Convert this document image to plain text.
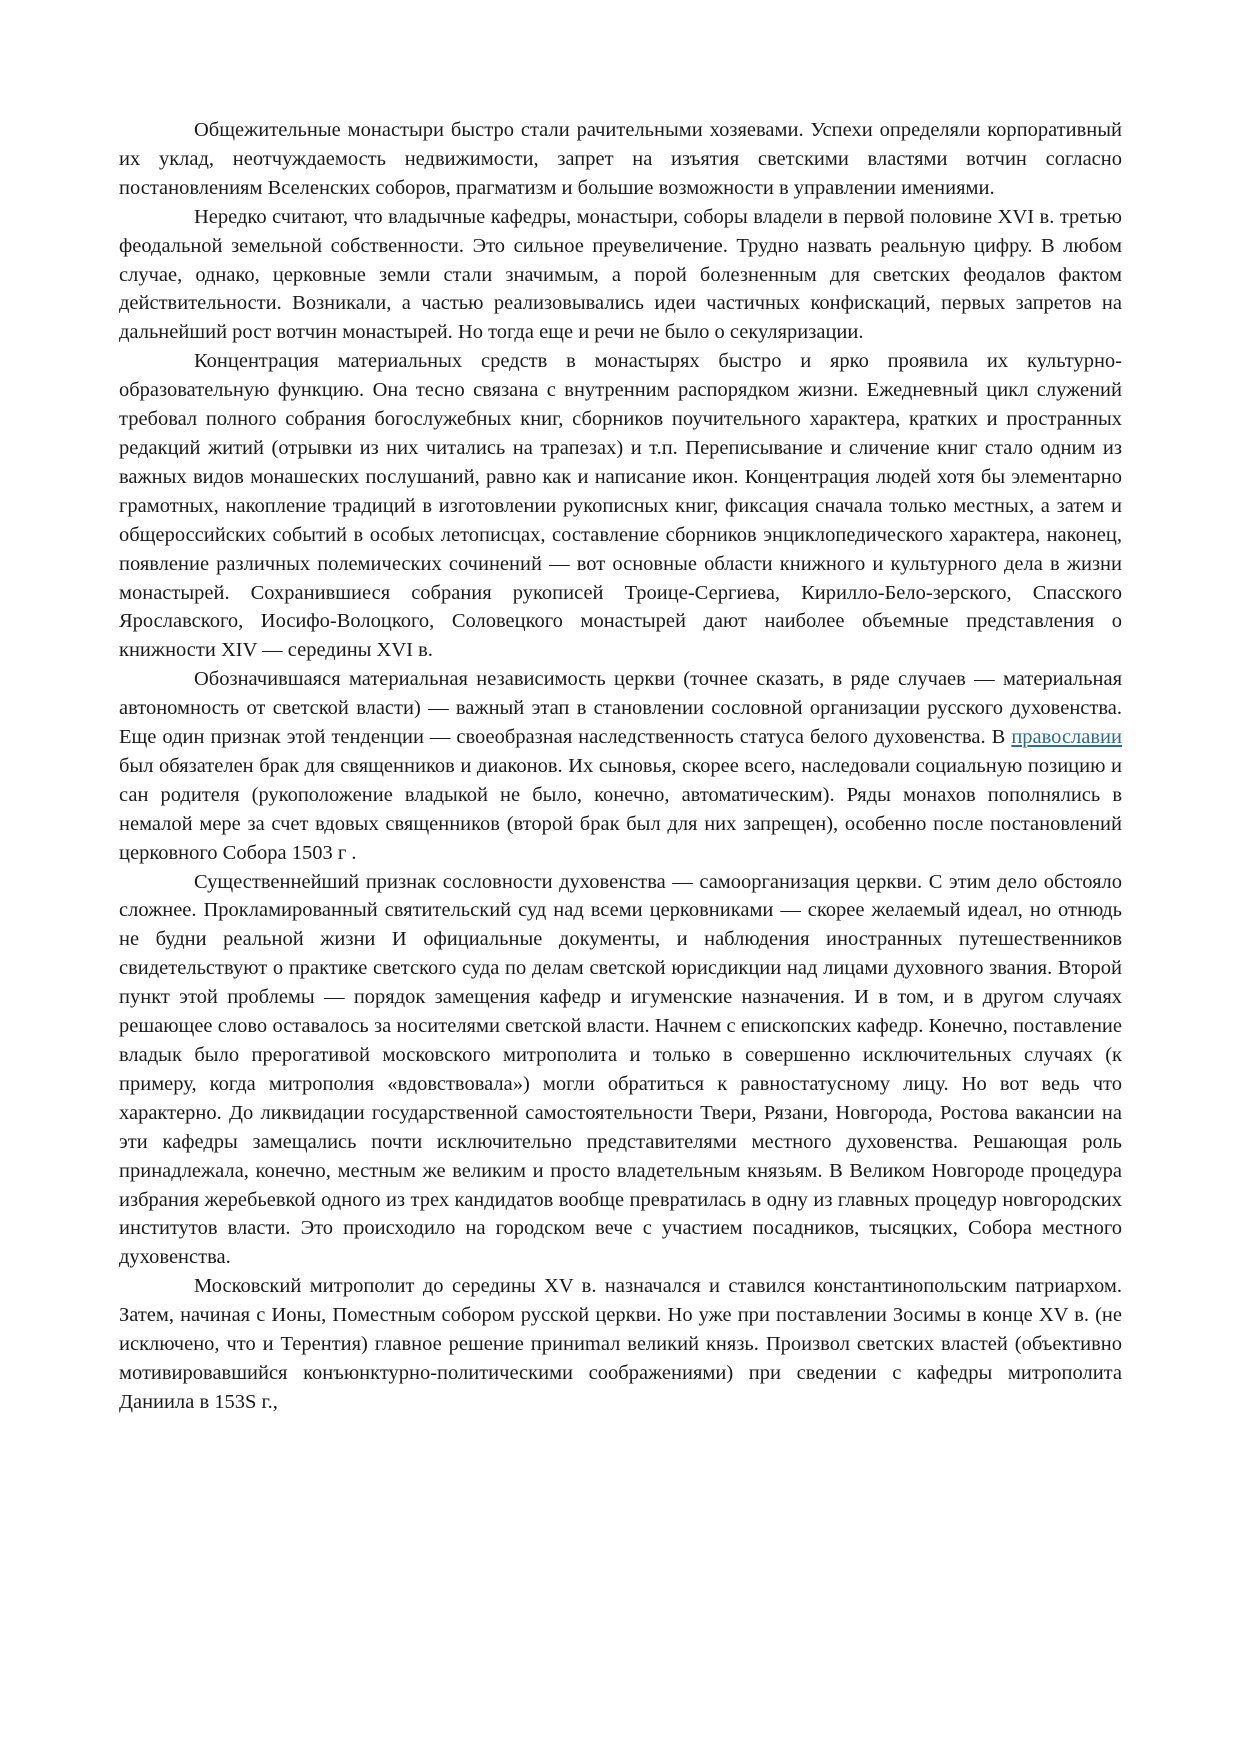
Общежительные монастыри быстро стали рачительными хозяевами. Успехи определяли корпоративный их уклад, неотчуждаемость недвижимости, запрет на изъятия светскими властями вотчин согласно постановлениям Вселенских соборов, прагматизм и большие возможности в управлении имениями.

Нередко считают, что владычные кафедры, монастыри, соборы владели в первой половине XVI в. третью феодальной земельной собственности. Это сильное преувеличение. Трудно назвать реальную цифру. В любом случае, однако, церковные земли стали значимым, а порой болезненным для светских феодалов фактом действительности. Возникали, а частью реализовывались идеи частичных конфискаций, первых запретов на дальнейший рост вотчин монастырей. Но тогда еще и речи не было о секуляризации.

Концентрация материальных средств в монастырях быстро и ярко проявила их культурно-образовательную функцию. Она тесно связана с внутренним распорядком жизни. Ежедневный цикл служений требовал полного собрания богослужебных книг, сборников поучительного характера, кратких и пространных редакций житий (отрывки из них читались на трапезах) и т.п. Переписывание и сличение книг стало одним из важных видов монашеских послушаний, равно как и написание икон. Концентрация людей хотя бы элементарно грамотных, накопление традиций в изготовлении рукописных книг, фиксация сначала только местных, а затем и общероссийских событий в особых летописцах, составление сборников энциклопедического характера, наконец, появление различных полемических сочинений — вот основные области книжного и культурного дела в жизни монастырей. Сохранившиеся собрания рукописей Троице-Сергиева, Кирилло-Бело-зерского, Спасского Ярославского, Иосифо-Волоцкого, Соловецкого монастырей дают наиболее объемные представления о книжности XIV — середины XVI в.

Обозначившаяся материальная независимость церкви (точнее сказать, в ряде случаев — материальная автономность от светской власти) — важный этап в становлении сословной организации русского духовенства. Еще один признак этой тенденции — своеобразная наследственность статуса белого духовенства. В православии был обязателен брак для священников и диаконов. Их сыновья, скорее всего, наследовали социальную позицию и сан родителя (рукоположение владыкой не было, конечно, автоматическим). Ряды монахов пополнялись в немалой мере за счет вдовых священников (второй брак был для них запрещен), особенно после постановлений церковного Собора 1503 г .

Существеннейший признак сословности духовенства — самоорганизация церкви. С этим дело обстояло сложнее. Прокламированный святительский суд над всеми церковниками — скорее желаемый идеал, но отнюдь не будни реальной жизни И официальные документы, и наблюдения иностранных путешественников свидетельствуют о практике светского суда по делам светской юрисдикции над лицами духовного звания. Второй пункт этой проблемы — порядок замещения кафедр и игуменские назначения. И в том, и в другом случаях решающее слово оставалось за носителями светской власти. Начнем с епископских кафедр. Конечно, поставление владык было прерогативой московского митрополита и только в совершенно исключительных случаях (к примеру, когда митрополия «вдовствовала») могли обратиться к равностатусному лицу. Но вот ведь что характерно. До ликвидации государственной самостоятельности Твери, Рязани, Новгорода, Ростова вакансии на эти кафедры замещались почти исключительно представителями местного духовенства. Решающая роль принадлежала, конечно, местным же великим и просто владетельным князьям. В Великом Новгороде процедура избрания жеребьевкой одного из трех кандидатов вообще превратилась в одну из главных процедур новгородских институтов власти. Это происходило на городском вече с участием посадников, тысяцких, Собора местного духовенства.

Московский митрополит до середины XV в. назначался и ставился константинопольским патриархом. Затем, начиная с Ионы, Поместным собором русской церкви. Но уже при поставлении Зосимы в конце XV в. (не исключено, что и Терентия) главное решение приниmал великий князь. Произвол светских властей (объективно мотивировавшийся конъюнктурно-политическими соображениями) при сведении с кафедры митрополита Даниила в 153S г.,
